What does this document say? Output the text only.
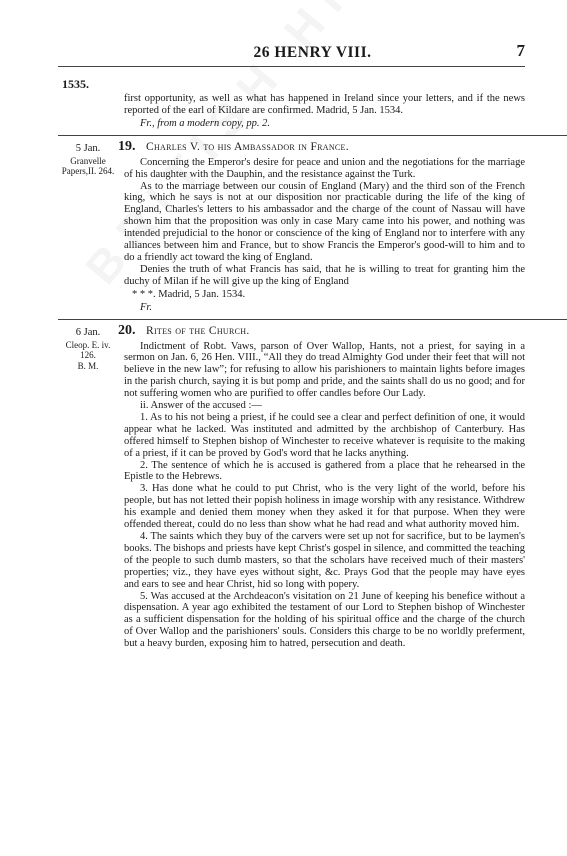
26 HENRY VIII.	7
1535.

first opportunity, as well as what has happened in Ireland since your letters, and if the news reported of the earl of Kildare are confirmed. Madrid, 5 Jan. 1534.

Fr., from a modern copy, pp. 2.
5 Jan.	19. Charles V. to his Ambassador in France.
Granvelle
Papers,II. 264.

Concerning the Emperor's desire for peace and union and the negotiations for the marriage of his daughter with the Dauphin, and the resistance against the Turk.

As to the marriage between our cousin of England (Mary) and the third son of the French king, which he says is not at our disposition nor practicable during the life of the king of England, Charles's letters to his ambassador and the charge of the count of Nassau will have shown him that the proposition was only in case Mary came into his power, and nothing was intended prejudicial to the honor or conscience of the king of England nor to interfere with any alliances between him and France, but to show Francis the Emperor's good-will to him and to do a friendly act toward the king of England.

Denies the truth of what Francis has said, that he is willing to treat for granting him the duchy of Milan if he will give up the king of England

* * *. Madrid, 5 Jan. 1534.
Fr.
6 Jan.	20. Rites of the Church.
Cleop. E. iv.
126.
B. M.

Indictment of Robt. Vaws, parson of Over Wallop, Hants, not a priest, for saying in a sermon on Jan. 6, 26 Hen. VIII., “All they do tread Almighty God under their feet that will not believe in the new law”; for refusing to allow his parishioners to maintain lights before images in the parish church, saying it is but pomp and pride, and the saints shall do us no good; and for not suffering women who are purified to offer candles before Our Lady.

ii. Answer of the accused :—

1. As to his not being a priest, if he could see a clear and perfect definition of one, it would appear what he lacked. Was instituted and admitted by the archbishop of Canterbury. Has offered himself to Stephen bishop of Winchester to receive whatever is requisite to the making of a priest, if it can be proved by God's word that he lacks anything.

2. The sentence of which he is accused is gathered from a place that he rehearsed in the Epistle to the Hebrews.

3. Has done what he could to put Christ, who is the very light of the world, before his people, but has not letted their popish holiness in image worship with any resistance. Withdrew his example and denied them money when they asked it for that purpose. When they were offended thereat, could do no less than show what he had read and what authority moved him.

4. The saints which they buy of the carvers were set up not for sacrifice, but to be laymen's books. The bishops and priests have kept Christ's gospel in silence, and committed the teaching of the people to such dumb masters, so that the scholars have received much of their masters' properties; viz., they have eyes without sight, &c. Prays God that the people may have eyes and ears to see and hear Christ, hid so long with popery.

5. Was accused at the Archdeacon's visitation on 21 June of keeping his benefice without a dispensation. A year ago exhibited the testament of our Lord to Stephen bishop of Winchester as a sufficient dispensation for the holding of his spiritual office and the charge of the church of Over Wallop and the parishioners' souls. Considers this charge to be no worldly preferment, but a heavy burden, exposing him to hatred, persecution and death.
